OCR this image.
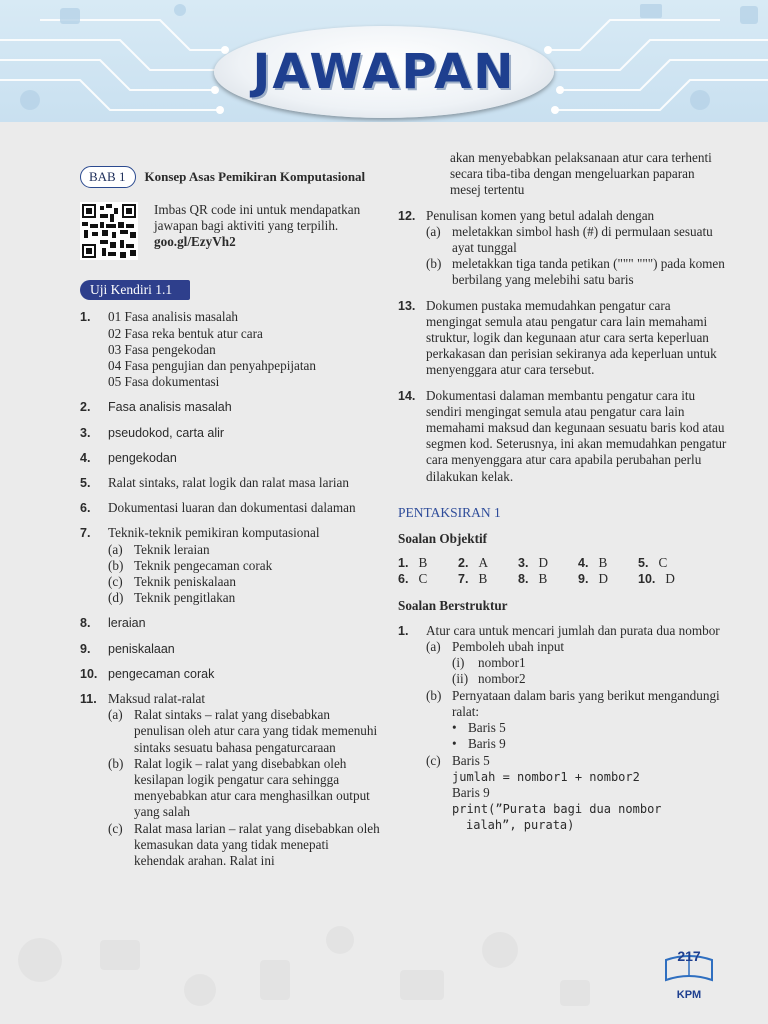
JAWAPAN
BAB 1	Konsep Asas Pemikiran Komputasional
Imbas QR code ini untuk mendapatkan jawapan bagi aktiviti yang terpilih.
goo.gl/EzyVh2
Uji Kendiri 1.1
1. 01 Fasa analisis masalah
02 Fasa reka bentuk atur cara
03 Fasa pengekodan
04 Fasa pengujian dan penyahpepijatan
05 Fasa dokumentasi
2. Fasa analisis masalah
3. pseudokod, carta alir
4. pengekodan
5. Ralat sintaks, ralat logik dan ralat masa larian
6. Dokumentasi luaran dan dokumentasi dalaman
7. Teknik-teknik pemikiran komputasional
(a) Teknik leraian
(b) Teknik pengecaman corak
(c) Teknik peniskalaan
(d) Teknik pengitlakan
8. leraian
9. peniskalaan
10. pengecaman corak
11. Maksud ralat-ralat
(a) Ralat sintaks – ralat yang disebabkan penulisan oleh atur cara yang tidak memenuhi sintaks sesuatu bahasa pengaturcaraan
(b) Ralat logik – ralat yang disebabkan oleh kesilapan logik pengatur cara sehingga menyebabkan atur cara menghasilkan output yang salah
(c) Ralat masa larian – ralat yang disebabkan oleh kemasukan data yang tidak menepati kehendak arahan. Ralat ini
akan menyebabkan pelaksanaan atur cara terhenti secara tiba-tiba dengan mengeluarkan paparan mesej tertentu
12. Penulisan komen yang betul adalah dengan
(a) meletakkan simbol hash (#) di permulaan sesuatu ayat tunggal
(b) meletakkan tiga tanda petikan (""" """) pada komen berbilang yang melebihi satu baris
13. Dokumen pustaka memudahkan pengatur cara mengingat semula atau pengatur cara lain memahami struktur, logik dan kegunaan atur cara serta keperluan perkakasan dan perisian sekiranya ada keperluan untuk menyenggara atur cara tersebut.
14. Dokumentasi dalaman membantu pengatur cara itu sendiri mengingat semula atau pengatur cara lain memahami maksud dan kegunaan sesuatu baris kod atau segmen kod. Seterusnya, ini akan memudahkan pengatur cara menyenggara atur cara apabila perubahan perlu dilakukan kelak.
PENTAKSIRAN 1
Soalan Objektif
1. B	2. A	3. D	4. B	5. C
6. C	7. B	8. B	9. D	10. D
Soalan Berstruktur
1. Atur cara untuk mencari jumlah dan purata dua nombor
(a) Pemboleh ubah input
(i) nombor1
(ii) nombor2
(b) Pernyataan dalam baris yang berikut mengandungi ralat:
• Baris 5
• Baris 9
(c) Baris 5
jumlah = nombor1 + nombor2
Baris 9
print(”Purata bagi dua nombor
ialah”, purata)
217
KPM
